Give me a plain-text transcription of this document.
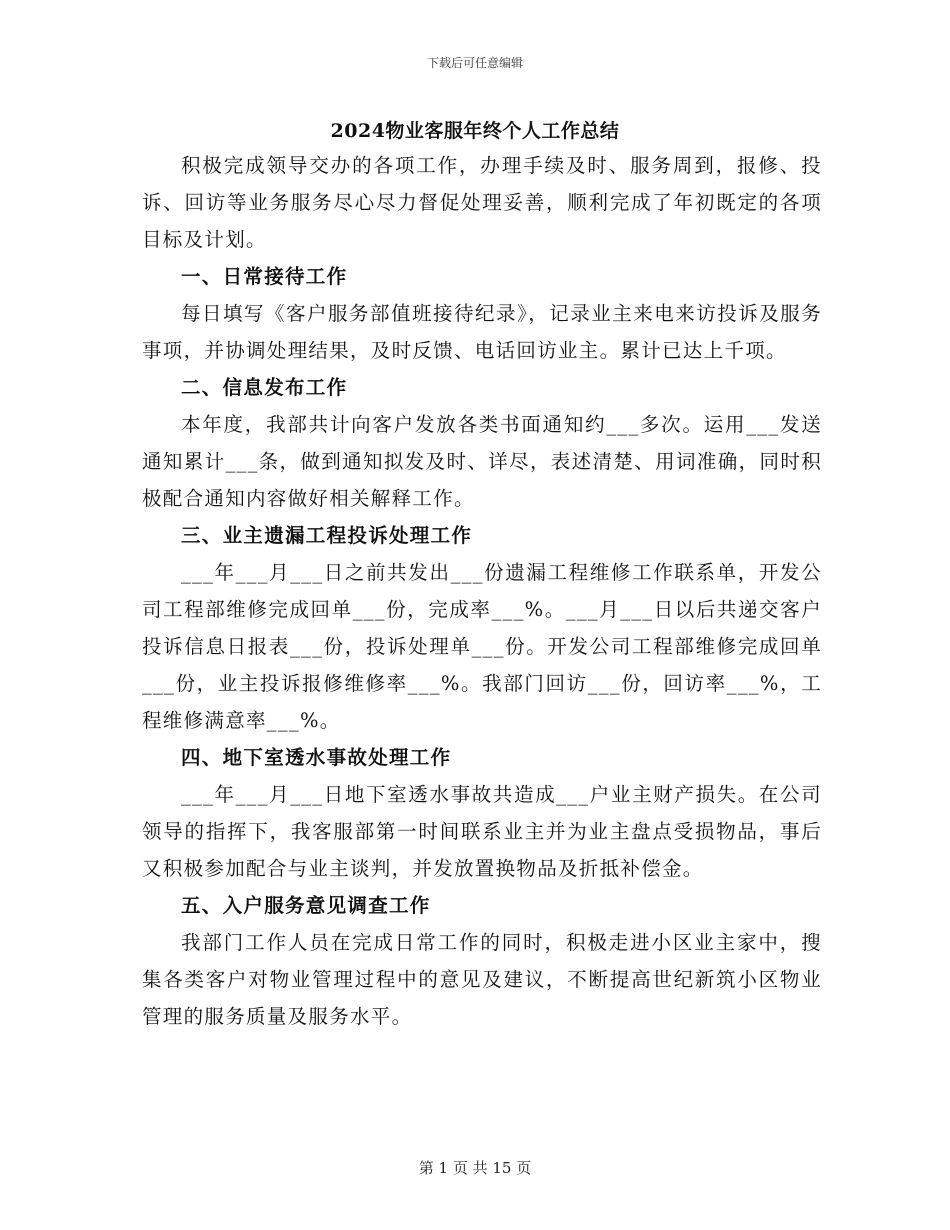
下载后可任意编辑
2024物业客服年终个人工作总结

积极完成领导交办的各项工作，办理手续及时、服务周到，报修、投诉、回访等业务服务尽心尽力督促处理妥善，顺利完成了年初既定的各项目标及计划。

一、日常接待工作

每日填写《客户服务部值班接待纪录》，记录业主来电来访投诉及服务事项，并协调处理结果，及时反馈、电话回访业主。累计已达上千项。

二、信息发布工作

本年度，我部共计向客户发放各类书面通知约___多次。运用___发送通知累计___条，做到通知拟发及时、详尽，表述清楚、用词准确，同时积极配合通知内容做好相关解释工作。

三、业主遗漏工程投诉处理工作

___年___月___日之前共发出___份遗漏工程维修工作联系单，开发公司工程部维修完成回单___份，完成率___%。___月___日以后共递交客户投诉信息日报表___份，投诉处理单___份。开发公司工程部维修完成回单___份，业主投诉报修维修率___%。我部门回访___份，回访率___%，工程维修满意率___%。

四、地下室透水事故处理工作

___年___月___日地下室透水事故共造成___户业主财产损失。在公司领导的指挥下，我客服部第一时间联系业主并为业主盘点受损物品，事后又积极参加配合与业主谈判，并发放置换物品及折抵补偿金。

五、入户服务意见调查工作

我部门工作人员在完成日常工作的同时，积极走进小区业主家中，搜集各类客户对物业管理过程中的意见及建议，不断提高世纪新筑小区物业管理的服务质量及服务水平。

第 1 页 共 15 页
